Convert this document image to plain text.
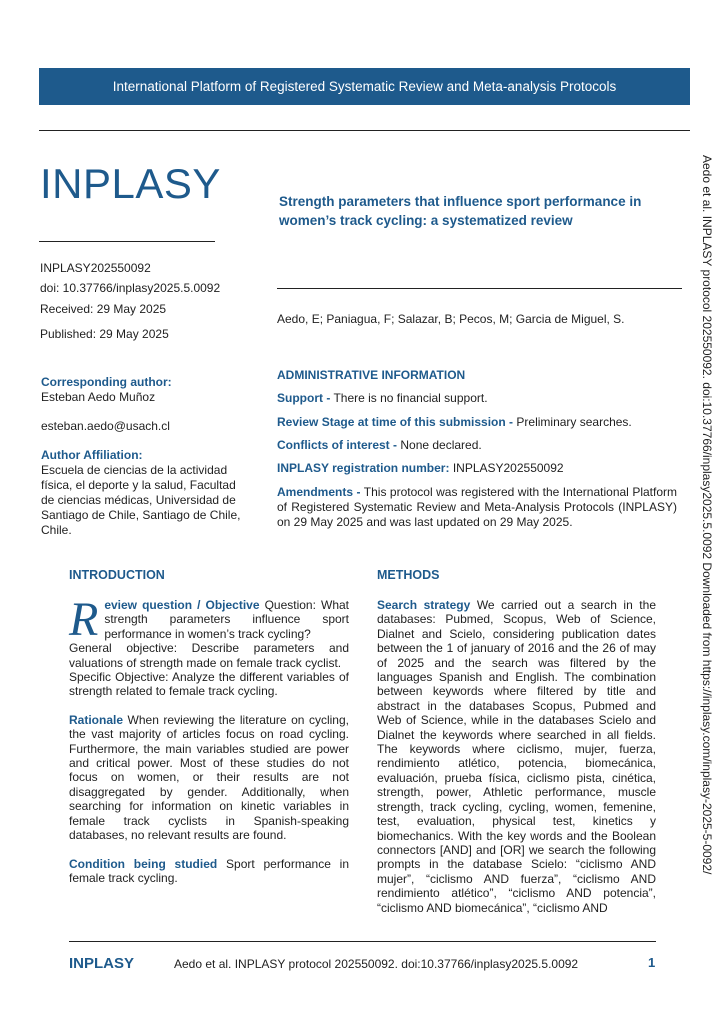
International Platform of Registered Systematic Review and Meta-analysis Protocols
INPLASY
INPLASY202550092
doi: 10.37766/inplasy2025.5.0092
Received: 29 May 2025
Published: 29 May 2025
Strength parameters that influence sport performance in women’s track cycling: a systematized review
Aedo, E; Paniagua, F; Salazar, B; Pecos, M; Garcia de Miguel, S.
Corresponding author:
Esteban Aedo Muñoz
esteban.aedo@usach.cl
Author Affiliation:
Escuela de ciencias de la actividad física, el deporte y la salud, Facultad de ciencias médicas, Universidad de Santiago de Chile, Santiago de Chile, Chile.
ADMINISTRATIVE INFORMATION
Support - There is no financial support.
Review Stage at time of this submission - Preliminary searches.
Conflicts of interest - None declared.
INPLASY registration number: INPLASY202550092
Amendments - This protocol was registered with the International Platform of Registered Systematic Review and Meta-Analysis Protocols (INPLASY) on 29 May 2025 and was last updated on 29 May 2025.
INTRODUCTION

Review question / Objective Question: What strength parameters influence sport performance in women’s track cycling?
General objective: Describe parameters and valuations of strength made on female track cyclist.
Specific Objective: Analyze the different variables of strength related to female track cycling.

Rationale When reviewing the literature on cycling, the vast majority of articles focus on road cycling. Furthermore, the main variables studied are power and critical power. Most of these studies do not focus on women, or their results are not disaggregated by gender. Additionally, when searching for information on kinetic variables in female track cyclists in Spanish-speaking databases, no relevant results are found.

Condition being studied Sport performance in female track cycling.

METHODS

Search strategy We carried out a search in the databases: Pubmed, Scopus, Web of Science, Dialnet and Scielo, considering publication dates between the 1 of january of 2016 and the 26 of may of 2025 and the search was filtered by the languages Spanish and English. The combination between keywords where filtered by title and abstract in the databases Scopus, Pubmed and Web of Science, while in the databases Scielo and Dialnet the keywords where searched in all fields. The keywords where ciclismo, mujer, fuerza, rendimiento atlético, potencia, biomecánica, evaluación, prueba física, ciclismo pista, cinética, strength, power, Athletic performance, muscle strength, track cycling, cycling, women, femenine, test, evaluation, physical test, kinetics y biomechanics. With the key words and the Boolean connectors [AND] and [OR] we search the following prompts in the database Scielo: “ciclismo AND mujer”, “ciclismo AND fuerza”, “ciclismo AND rendimiento atlético”, “ciclismo AND potencia”, “ciclismo AND biomecánica”, “ciclismo AND

Aedo et al. INPLASY protocol 202550092. doi:10.37766/inplasy2025.5.0092 Downloaded from https://inplasy.com/inplasy-2025-5-0092/
INPLASY	Aedo et al. INPLASY protocol 202550092. doi:10.37766/inplasy2025.5.0092	1
